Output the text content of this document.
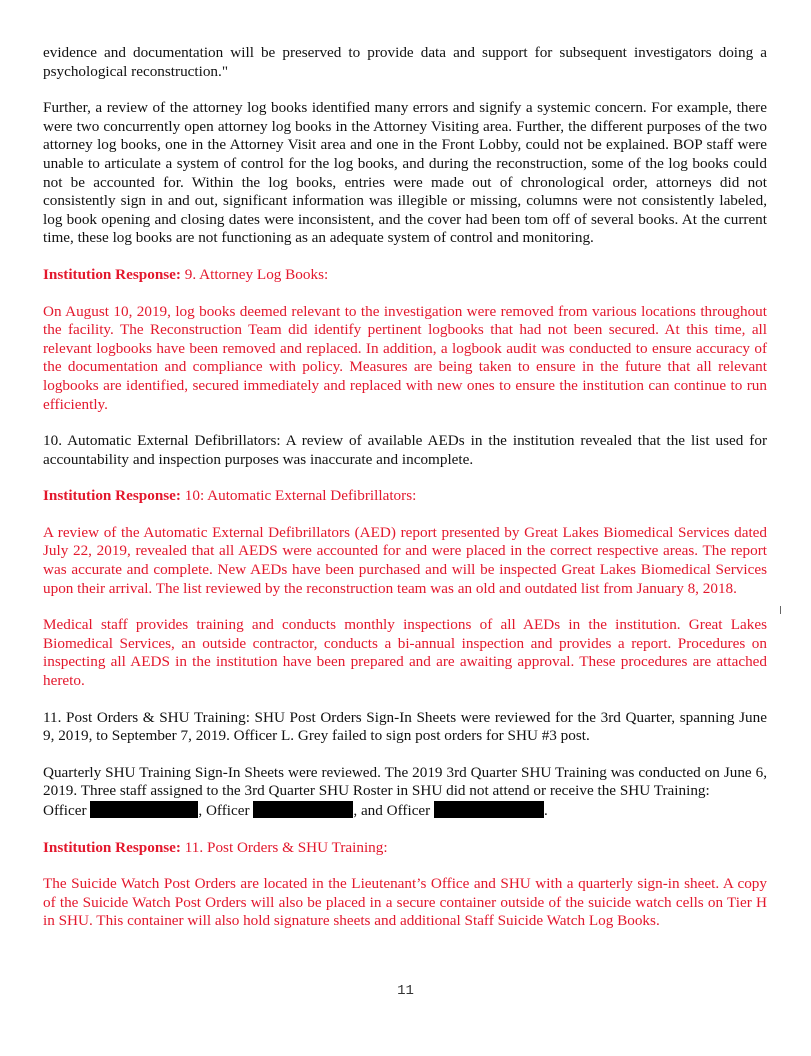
evidence and documentation will be preserved to provide data and support for subsequent investigators doing a psychological reconstruction."

Further, a review of the attorney log books identified many errors and signify a systemic concern. For example, there were two concurrently open attorney log books in the Attorney Visiting area. Further, the different purposes of the two attorney log books, one in the Attorney Visit area and one in the Front Lobby, could not be explained. BOP staff were unable to articulate a system of control for the log books, and during the reconstruction, some of the log books could not be accounted for. Within the log books, entries were made out of chronological order, attorneys did not consistently sign in and out, significant information was illegible or missing, columns were not consistently labeled, log book opening and closing dates were inconsistent, and the cover had been tom off of several books. At the current time, these log books are not functioning as an adequate system of control and monitoring.

Institution Response: 9. Attorney Log Books:

On August 10, 2019, log books deemed relevant to the investigation were removed from various locations throughout the facility. The Reconstruction Team did identify pertinent logbooks that had not been secured. At this time, all relevant logbooks have been removed and replaced. In addition, a logbook audit was conducted to ensure accuracy of the documentation and compliance with policy. Measures are being taken to ensure in the future that all relevant logbooks are identified, secured immediately and replaced with new ones to ensure the institution can continue to run efficiently.

10. Automatic External Defibrillators: A review of available AEDs in the institution revealed that the list used for accountability and inspection purposes was inaccurate and incomplete.

Institution Response: 10: Automatic External Defibrillators:

A review of the Automatic External Defibrillators (AED) report presented by Great Lakes Biomedical Services dated July 22, 2019, revealed that all AEDS were accounted for and were placed in the correct respective areas. The report was accurate and complete. New AEDs have been purchased and will be inspected Great Lakes Biomedical Services upon their arrival. The list reviewed by the reconstruction team was an old and outdated list from January 8, 2018.

Medical staff provides training and conducts monthly inspections of all AEDs in the institution. Great Lakes Biomedical Services, an outside contractor, conducts a bi-annual inspection and provides a report. Procedures on inspecting all AEDS in the institution have been prepared and are awaiting approval. These procedures are attached hereto.

11. Post Orders & SHU Training: SHU Post Orders Sign-In Sheets were reviewed for the 3rd Quarter, spanning June 9, 2019, to September 7, 2019. Officer L. Grey failed to sign post orders for SHU #3 post.

Quarterly SHU Training Sign-In Sheets were reviewed. The 2019 3rd Quarter SHU Training was conducted on June 6, 2019. Three staff assigned to the 3rd Quarter SHU Roster in SHU did not attend or receive the SHU Training:
Officer	, Officer	, and Officer	.

Institution Response: 11. Post Orders & SHU Training:

The Suicide Watch Post Orders are located in the Lieutenant’s Office and SHU with a quarterly sign-in sheet. A copy of the Suicide Watch Post Orders will also be placed in a secure container outside of the suicide watch cells on Tier H in SHU. This container will also hold signature sheets and additional Staff Suicide Watch Log Books.

11
